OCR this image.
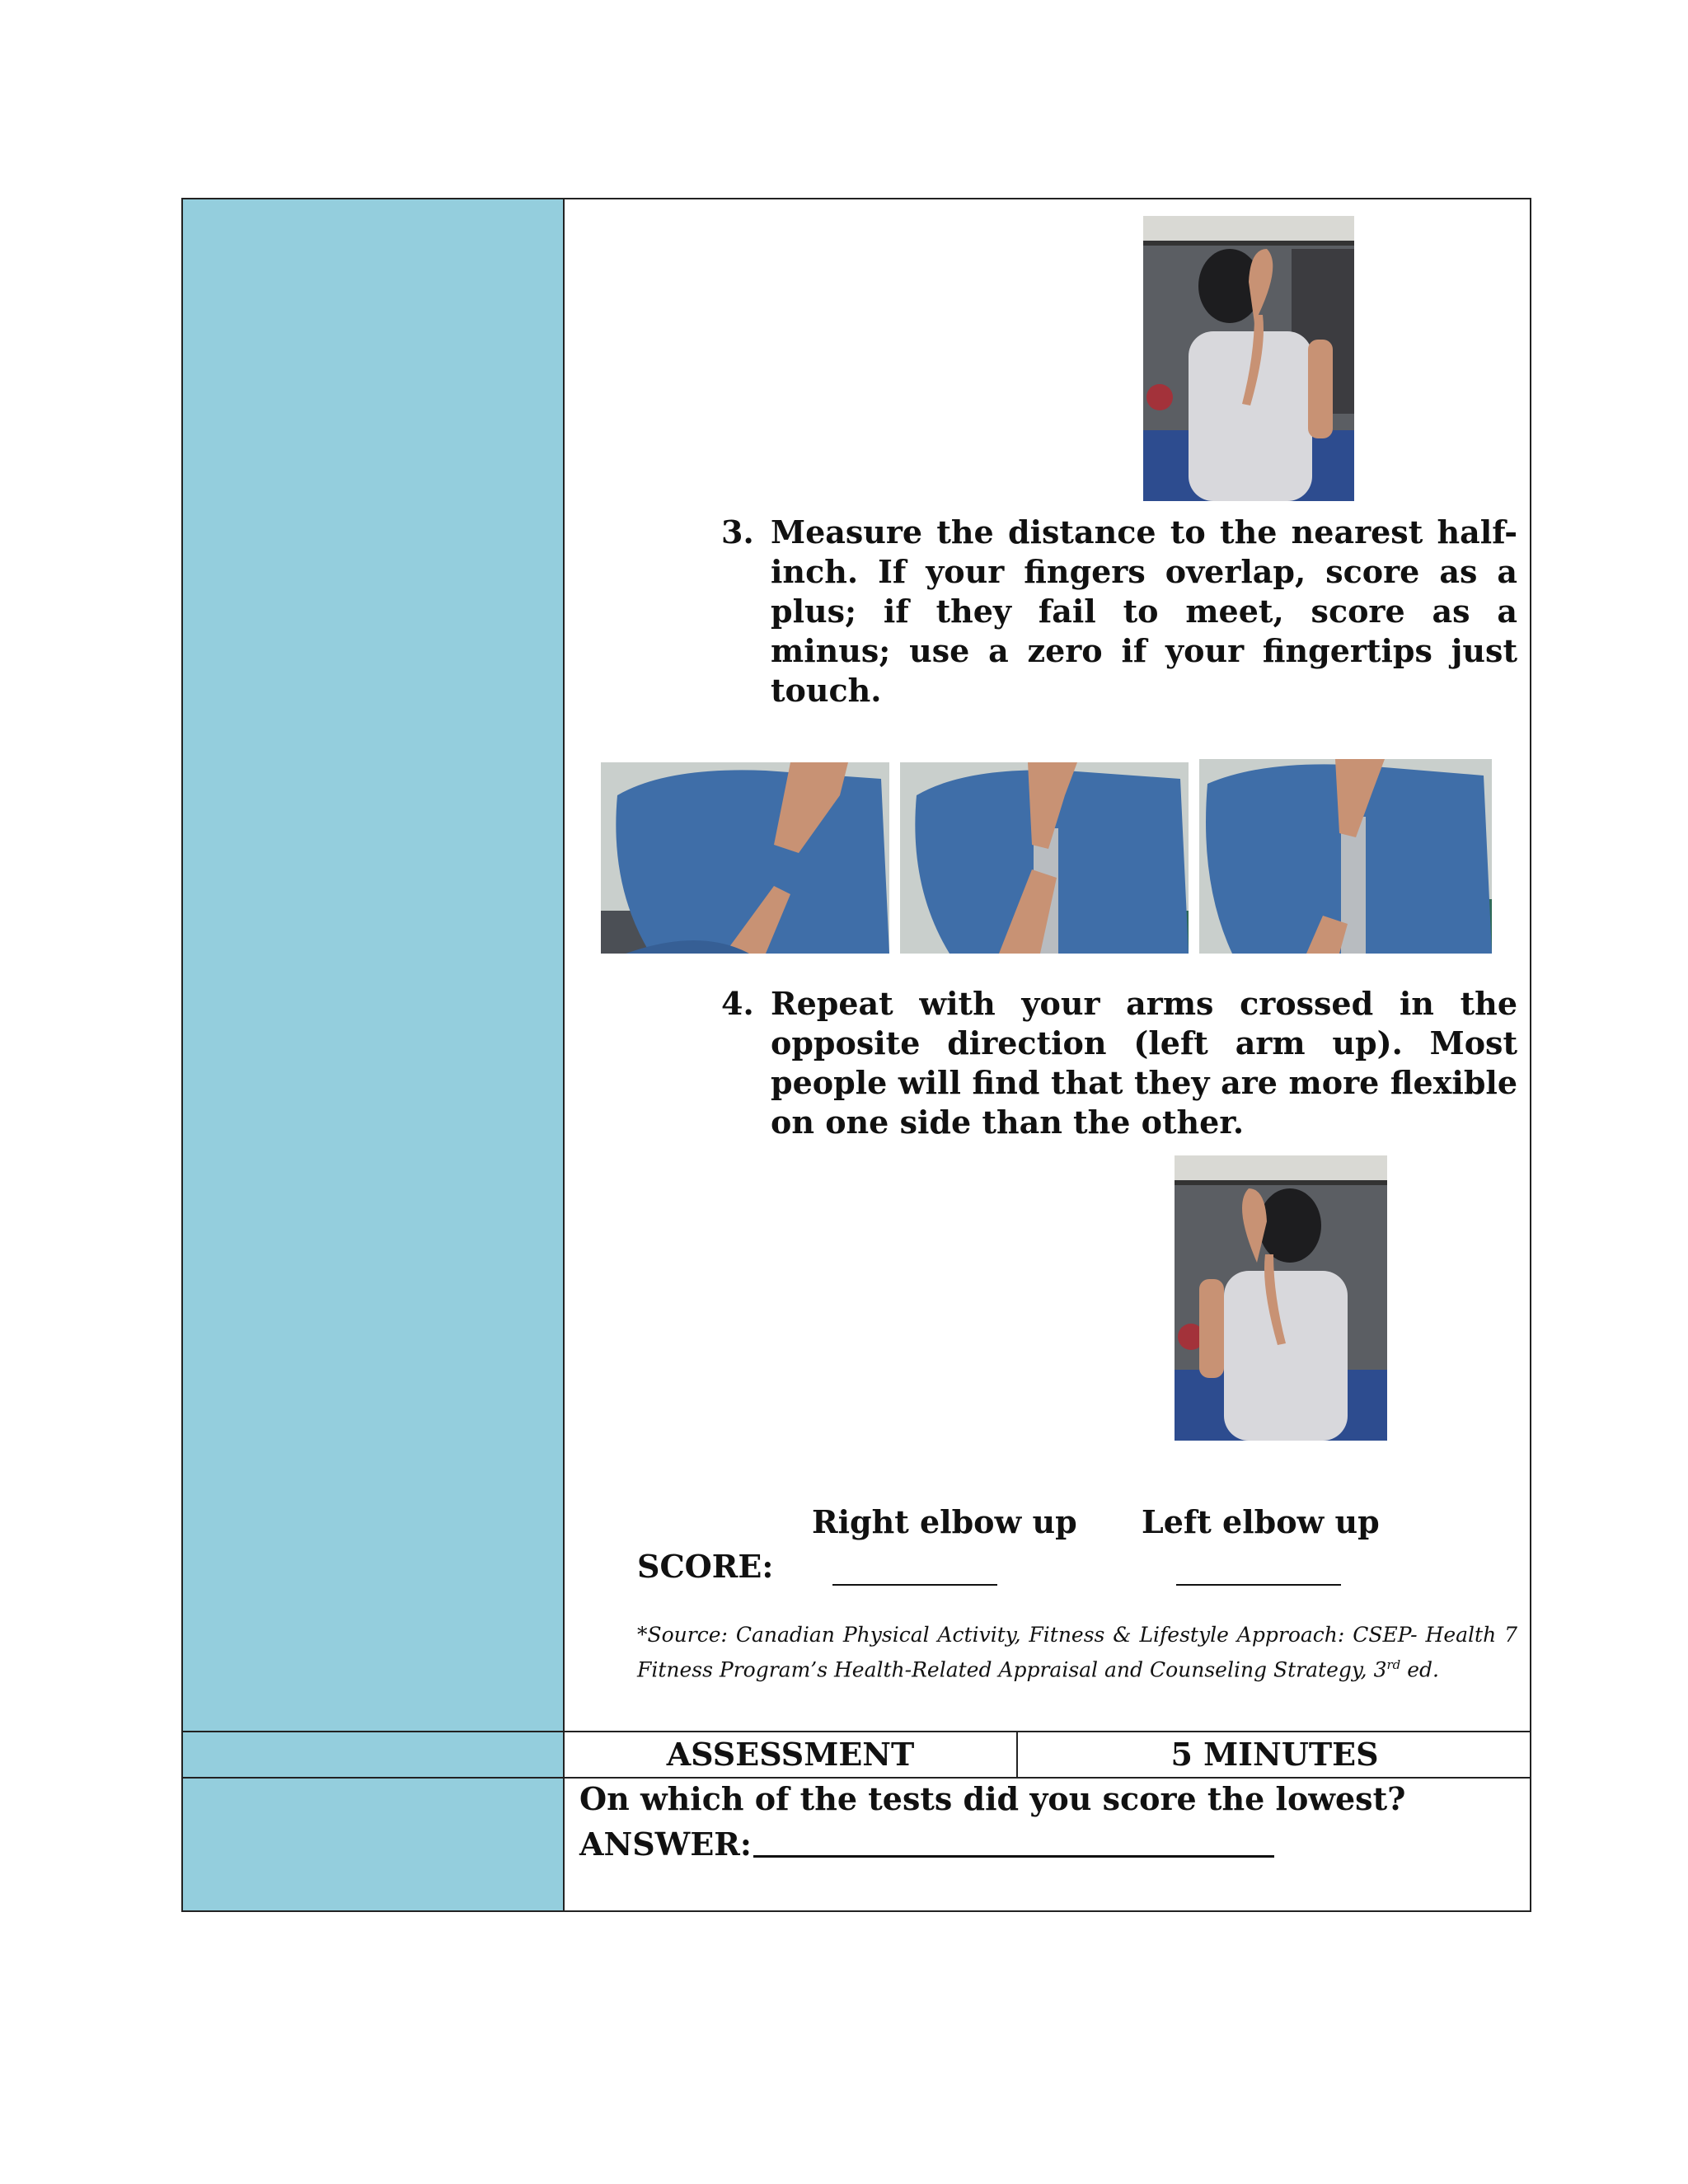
3. Measure the distance to the nearest half-inch. If your fingers overlap, score as a plus; if they fail to meet, score as a minus; use a zero if your fingertips just touch.
4. Repeat with your arms crossed in the opposite direction (left arm up). Most people will find that they are more flexible on one side than the other.
Right elbow up Left elbow up
SCORE:
*Source: Canadian Physical Activity, Fitness & Lifestyle Approach: CSEP- Health 7 Fitness Program’s Health-Related Appraisal and Counseling Strategy, 3rd ed.
ASSESSMENT	5 MINUTES
On which of the tests did you score the lowest?
ANSWER:
